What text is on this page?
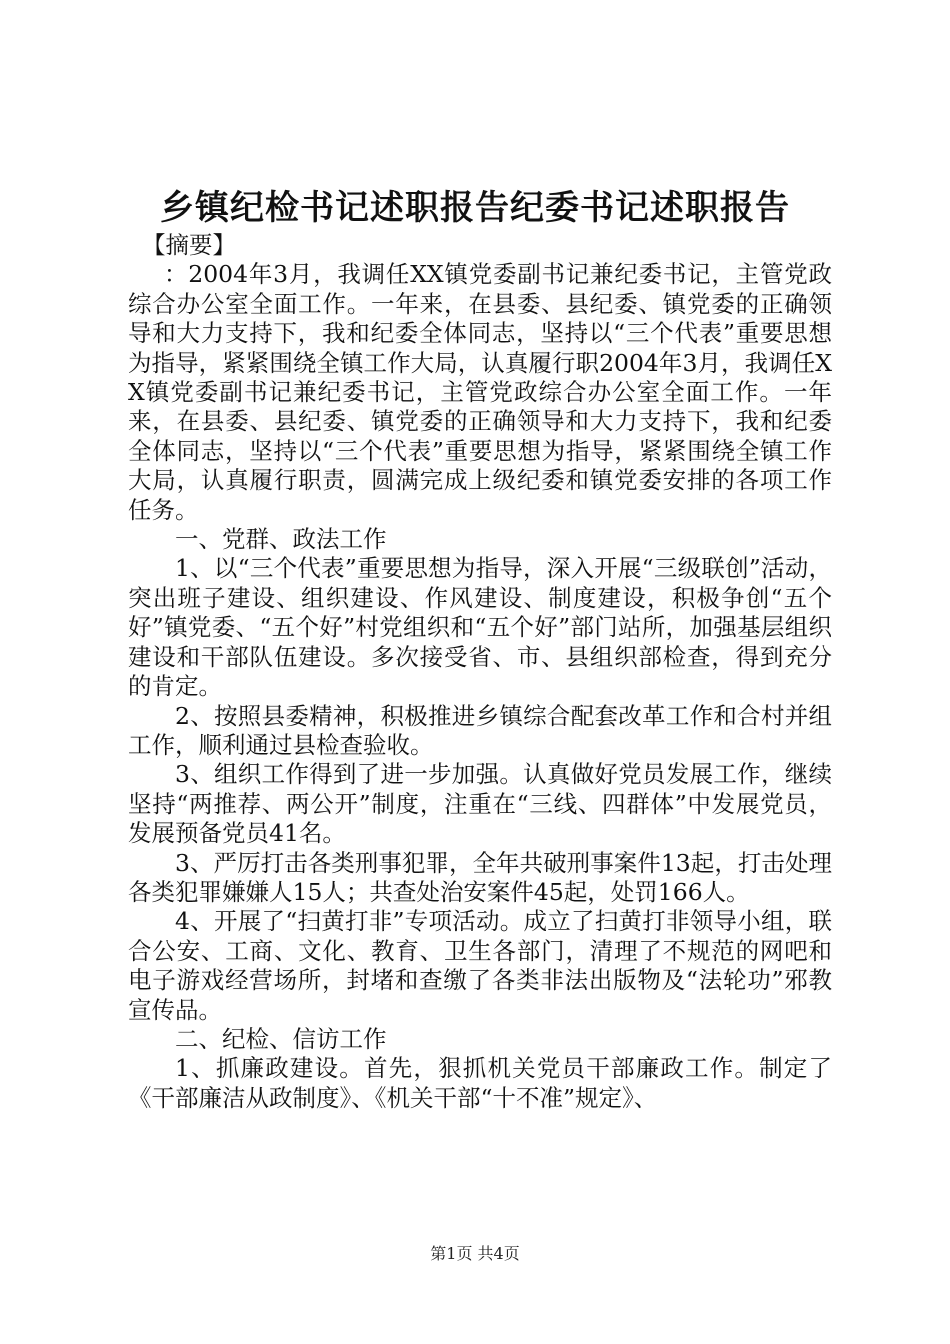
乡镇纪检书记述职报告纪委书记述职报告

【摘要】

：2004年3月，我调任XX镇党委副书记兼纪委书记，主管党政综合办公室全面工作。一年来，在县委、县纪委、镇党委的正确领导和大力支持下，我和纪委全体同志，坚持以“三个代表”重要思想为指导，紧紧围绕全镇工作大局，认真履行职2004年3月，我调任XX镇党委副书记兼纪委书记，主管党政综合办公室全面工作。一年来，在县委、县纪委、镇党委的正确领导和大力支持下，我和纪委全体同志，坚持以“三个代表”重要思想为指导，紧紧围绕全镇工作大局，认真履行职责，圆满完成上级纪委和镇党委安排的各项工作任务。

一、党群、政法工作

1、以“三个代表”重要思想为指导，深入开展“三级联创”活动，突出班子建设、组织建设、作风建设、制度建设，积极争创“五个好”镇党委、“五个好”村党组织和“五个好”部门站所，加强基层组织建设和干部队伍建设。多次接受省、市、县组织部检查，得到充分的肯定。

2、按照县委精神，积极推进乡镇综合配套改革工作和合村并组工作，顺利通过县检查验收。

3、组织工作得到了进一步加强。认真做好党员发展工作，继续坚持“两推荐、两公开”制度，注重在“三线、四群体”中发展党员，发展预备党员41名。

3、严厉打击各类刑事犯罪，全年共破刑事案件13起，打击处理各类犯罪嫌嫌人15人；共查处治安案件45起，处罚166人。

4、开展了“扫黄打非”专项活动。成立了扫黄打非领导小组，联合公安、工商、文化、教育、卫生各部门，清理了不规范的网吧和电子游戏经营场所，封堵和查缴了各类非法出版物及“法轮功”邪教宣传品。

二、纪检、信访工作

1、抓廉政建设。首先，狠抓机关党员干部廉政工作。制定了《干部廉洁从政制度》、《机关干部“十不准”规定》、

第1页 共4页
